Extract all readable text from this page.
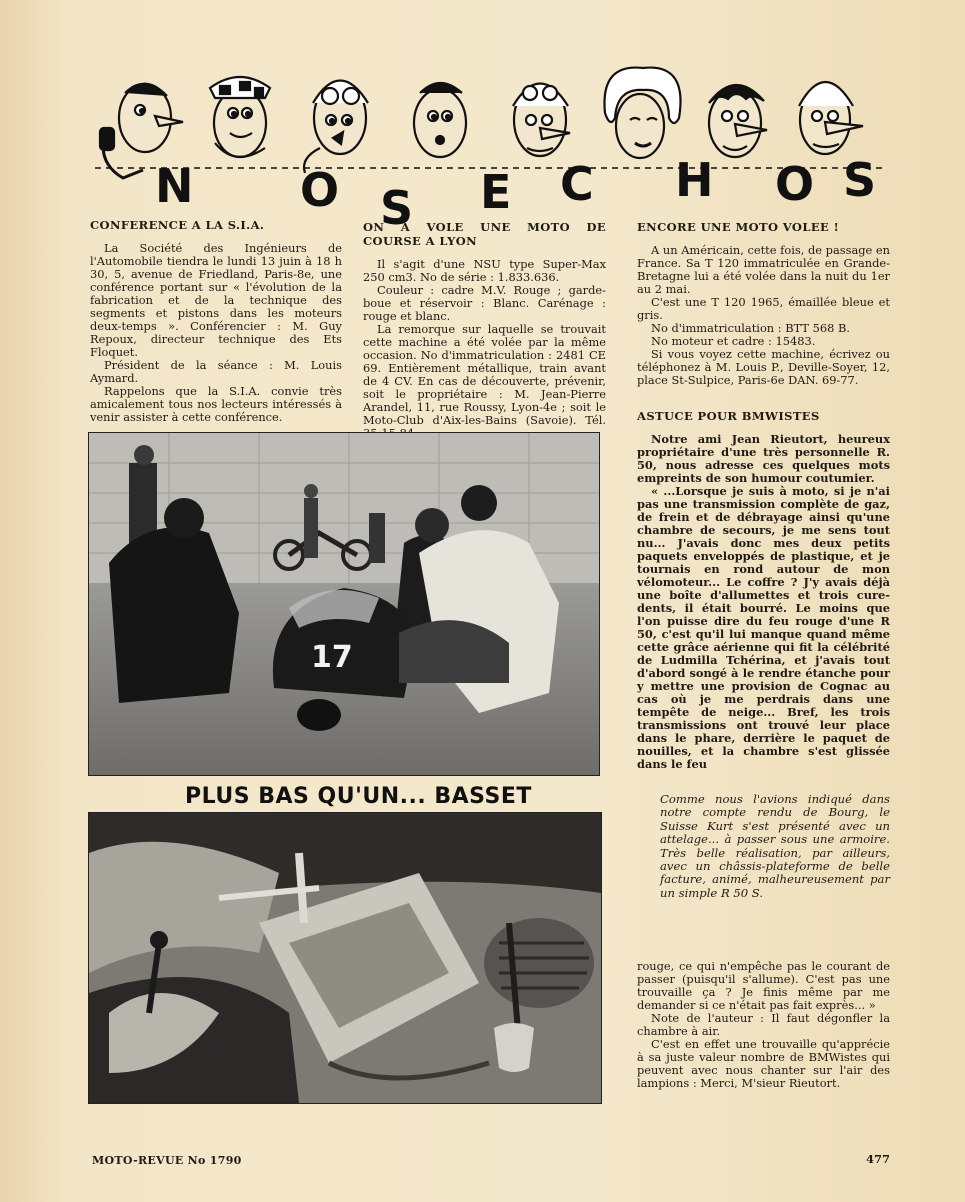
N O S E C H O S
CONFERENCE A LA S.I.A.

La Société des Ingénieurs de l'Automobile tiendra le lundi 13 juin à 18 h 30, 5, avenue de Friedland, Paris-8e, une conférence portant sur « l'évolution de la fabrication et de la technique des segments et pistons dans les moteurs deux-temps ». Conférencier : M. Guy Repoux, directeur technique des Ets Floquet.

Président de la séance : M. Louis Aymard.

Rappelons que la S.I.A. convie très amicalement tous nos lecteurs intéressés à venir assister à cette conférence.

ON A VOLE UNE MOTO DE COURSE A LYON

Il s'agit d'une NSU type Super-Max 250 cm3. No de série : 1.833.636.

Couleur : cadre M.V. Rouge ; garde-boue et réservoir : Blanc. Carénage : rouge et blanc.

La remorque sur laquelle se trouvait cette machine a été volée par la même occasion. No d'immatriculation : 2481 CE 69. Entièrement métallique, train avant de 4 CV. En cas de découverte, prévenir, soit le propriétaire : M. Jean-Pierre Arandel, 11, rue Roussy, Lyon-4e ; soit le Moto-Club d'Aix-les-Bains (Savoie). Tél.

ENCORE UNE MOTO VOLEE !

A un Américain, cette fois, de passage en France. Sa T 120 immatriculée en Grande-Bretagne lui a été volée dans la nuit du 1er au 2 mai.

C'est une T 120 1965, émaillée bleue et gris.

No d'immatriculation : BTT 568 B.

No moteur et cadre : 15483.

Si vous voyez cette machine, écrivez ou téléphonez à M. Louis P., Deville-Soyer, 12, place St-Sulpice, Paris-6e DAN. 69-77.

ASTUCE POUR BMWISTES

Notre ami Jean Rieutort, heureux propriétaire d'une très personnelle R. 50, nous adresse ces quelques mots empreints de son humour coutumier.

« ...Lorsque je suis à moto, si je n'ai pas une transmission complète de gaz, de frein et de débrayage ainsi qu'une chambre de secours, je me sens tout nu... J'avais donc mes deux petits paquets enveloppés de plastique, et je tournais en rond autour de mon vélomoteur... Le coffre ? J'y avais déjà une boîte d'allumettes et trois cure-dents, il était bourré. Le moins que l'on puisse dire du feu rouge d'une R 50, c'est qu'il lui manque quand même cette grâce aérienne qui fit la célébrité de Ludmilla Tchérina, et j'avais tout d'abord songé à le rendre étanche pour y mettre une provision de Cognac au cas où je me perdrais dans une tempête de neige... Bref, les trois transmissions ont trouvé leur place dans le phare, derrière le paquet de nouilles, et la chambre s'est glissée dans le feu

17
PLUS BAS QU'UN... BASSET	Comme nous l'avions indiqué dans notre compte rendu de Bourg, le Suisse Kurt s'est présenté avec un attelage... à passer sous une armoire. Très belle réalisation, par ailleurs, avec un châssis-plateforme de belle facture, animé, malheureusement par un simple R 50 S.

rouge, ce qui n'empêche pas le courant de passer (puisqu'il s'allume). C'est pas une trouvaille ça ? Je finis même par me demander si ce n'était pas fait exprès... »

Note de l'auteur : Il faut dégonfler la chambre à air.

C'est en effet une trouvaille qu'apprécie à sa juste valeur nombre de BMWistes qui peuvent avec nous chanter sur l'air des lampions : Merci, M'sieur Rieutort.

MOTO-REVUE No 1790	477
